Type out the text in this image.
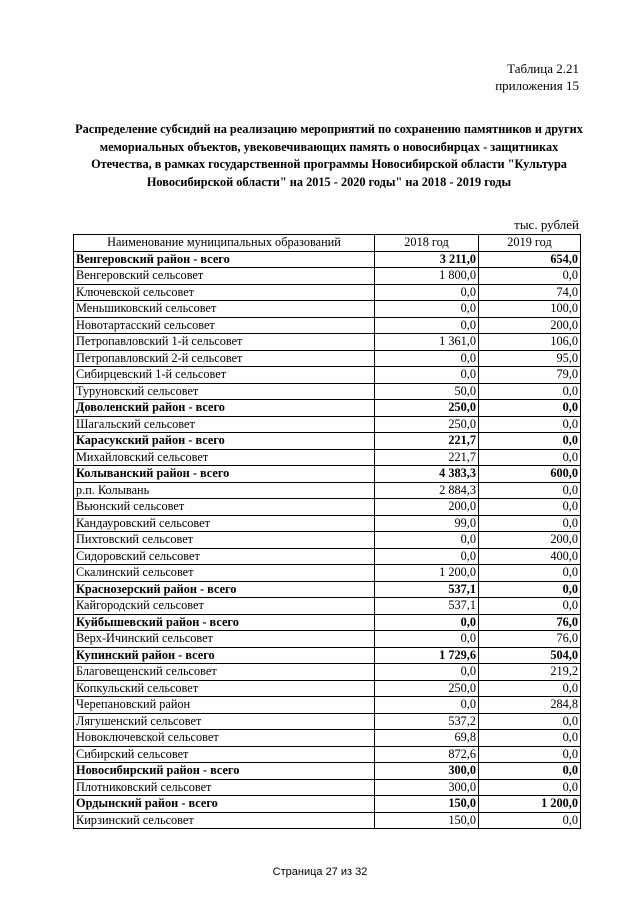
Таблица 2.21
приложения 15

Распределение субсидий на реализацию мероприятий по сохранению памятников и других мемориальных объектов, увековечивающих память о новосибирцах - защитниках Отечества, в рамках государственной программы Новосибирской области "Культура Новосибирской области" на 2015 - 2020 годы" на 2018 - 2019 годы

тыс. рублей
Наименование муниципальных образований	2018 год	2019 год
Венгеровский район - всего	3 211,0	654,0
Венгеровский сельсовет	1 800,0	0,0
Ключевской сельсовет	0,0	74,0
Меньшиковский сельсовет	0,0	100,0
Новотартасский сельсовет	0,0	200,0
Петропавловский 1-й сельсовет	1 361,0	106,0
Петропавловский 2-й сельсовет	0,0	95,0
Сибирцевский 1-й сельсовет	0,0	79,0
Туруновский сельсовет	50,0	0,0
Доволенский район - всего	250,0	0,0
Шагальский сельсовет	250,0	0,0
Карасукский район - всего	221,7	0,0
Михайловский сельсовет	221,7	0,0
Колыванский район - всего	4 383,3	600,0
р.п. Колывань	2 884,3	0,0
Вьюнский сельсовет	200,0	0,0
Кандауровский сельсовет	99,0	0,0
Пихтовский сельсовет	0,0	200,0
Сидоровский сельсовет	0,0	400,0
Скалинский сельсовет	1 200,0	0,0
Краснозерский район - всего	537,1	0,0
Кайгородский сельсовет	537,1	0,0
Куйбышевский район - всего	0,0	76,0
Верх-Ичинский сельсовет	0,0	76,0
Купинский район - всего	1 729,6	504,0
Благовещенский сельсовет	0,0	219,2
Копкульский сельсовет	250,0	0,0
Черепановский район	0,0	284,8
Лягушенский сельсовет	537,2	0,0
Новоключевской сельсовет	69,8	0,0
Сибирский сельсовет	872,6	0,0
Новосибирский район - всего	300,0	0,0
Плотниковский сельсовет	300,0	0,0
Ордынский район - всего	150,0	1 200,0
Кирзинский сельсовет	150,0	0,0
Страница 27 из 32
